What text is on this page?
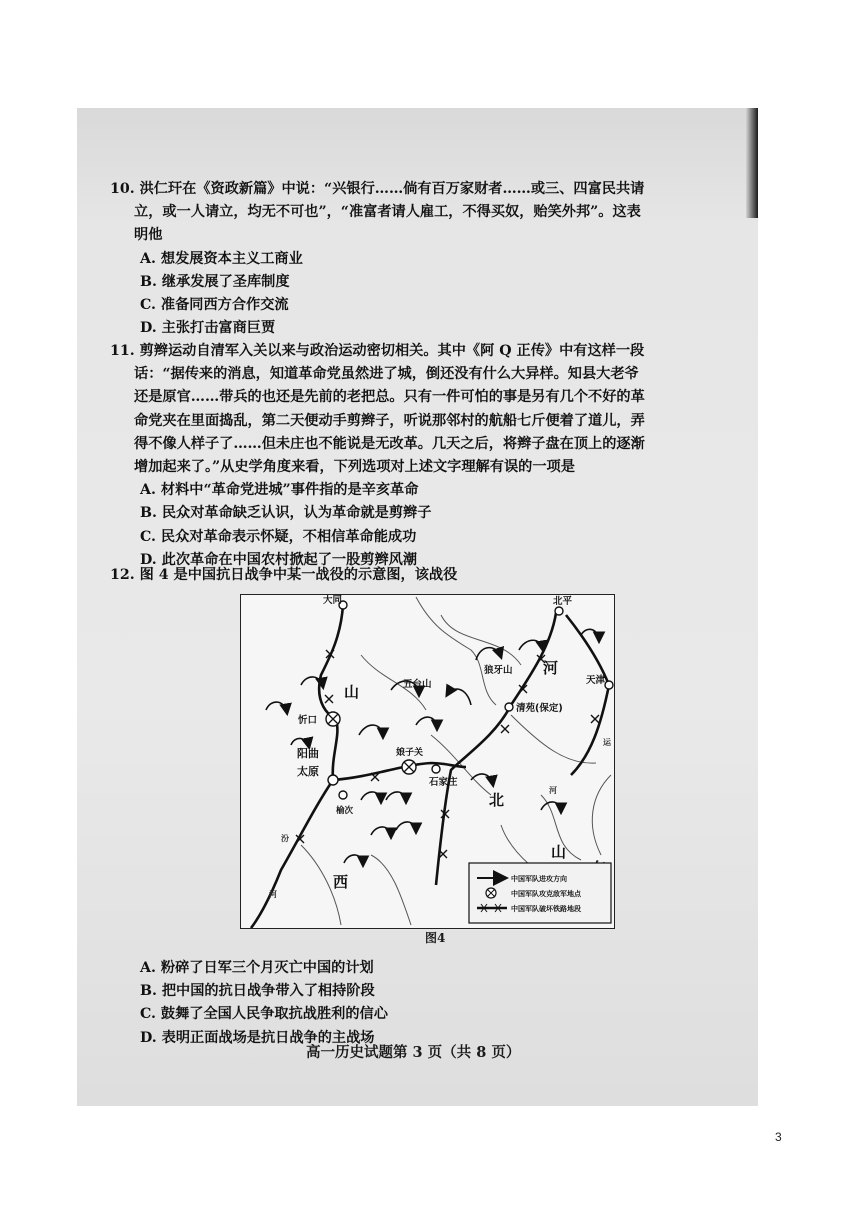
10. 洪仁玕在《资政新篇》中说：“兴银行……倘有百万家财者……或三、四富民共请
立，或一人请立，均无不可也”，“准富者请人雇工，不得买奴，贻笑外邦”。这表
明他
A. 想发展资本主义工商业
B. 继承发展了圣库制度
C. 准备同西方合作交流
D. 主张打击富商巨贾
11. 剪辫运动自清军入关以来与政治运动密切相关。其中《阿 Q 正传》中有这样一段
话：“据传来的消息，知道革命党虽然进了城，倒还没有什么大异样。知县大老爷
还是原官……带兵的也还是先前的老把总。只有一件可怕的事是另有几个不好的革
命党夹在里面捣乱，第二天便动手剪辫子，听说那邻村的航船七斤便着了道儿，弄
得不像人样子了……但未庄也不能说是无改革。几天之后，将辫子盘在顶上的逐渐
增加起来了。”从史学角度来看，下列选项对上述文字理解有误的一项是
A. 材料中“革命党进城”事件指的是辛亥革命
B. 民众对革命缺乏认识，认为革命就是剪辫子
C. 民众对革命表示怀疑，不相信革命能成功
D. 此次革命在中国农村掀起了一股剪辫风潮
12. 图 4 是中国抗日战争中某一战役的示意图，该战役
大同	北平
天津
五台山
狼牙山
清苑(保定)
忻口
阳曲
太原
娘子关
石家庄
榆次
山
西
河
北
山
汾
河
运
河
中国军队进攻方向
中国军队攻克敌军地点
中国军队破坏铁路地段
图4
A. 粉碎了日军三个月灭亡中国的计划
B. 把中国的抗日战争带入了相持阶段
C. 鼓舞了全国人民争取抗战胜利的信心
D. 表明正面战场是抗日战争的主战场
高一历史试题第 3 页（共 8 页）
3
